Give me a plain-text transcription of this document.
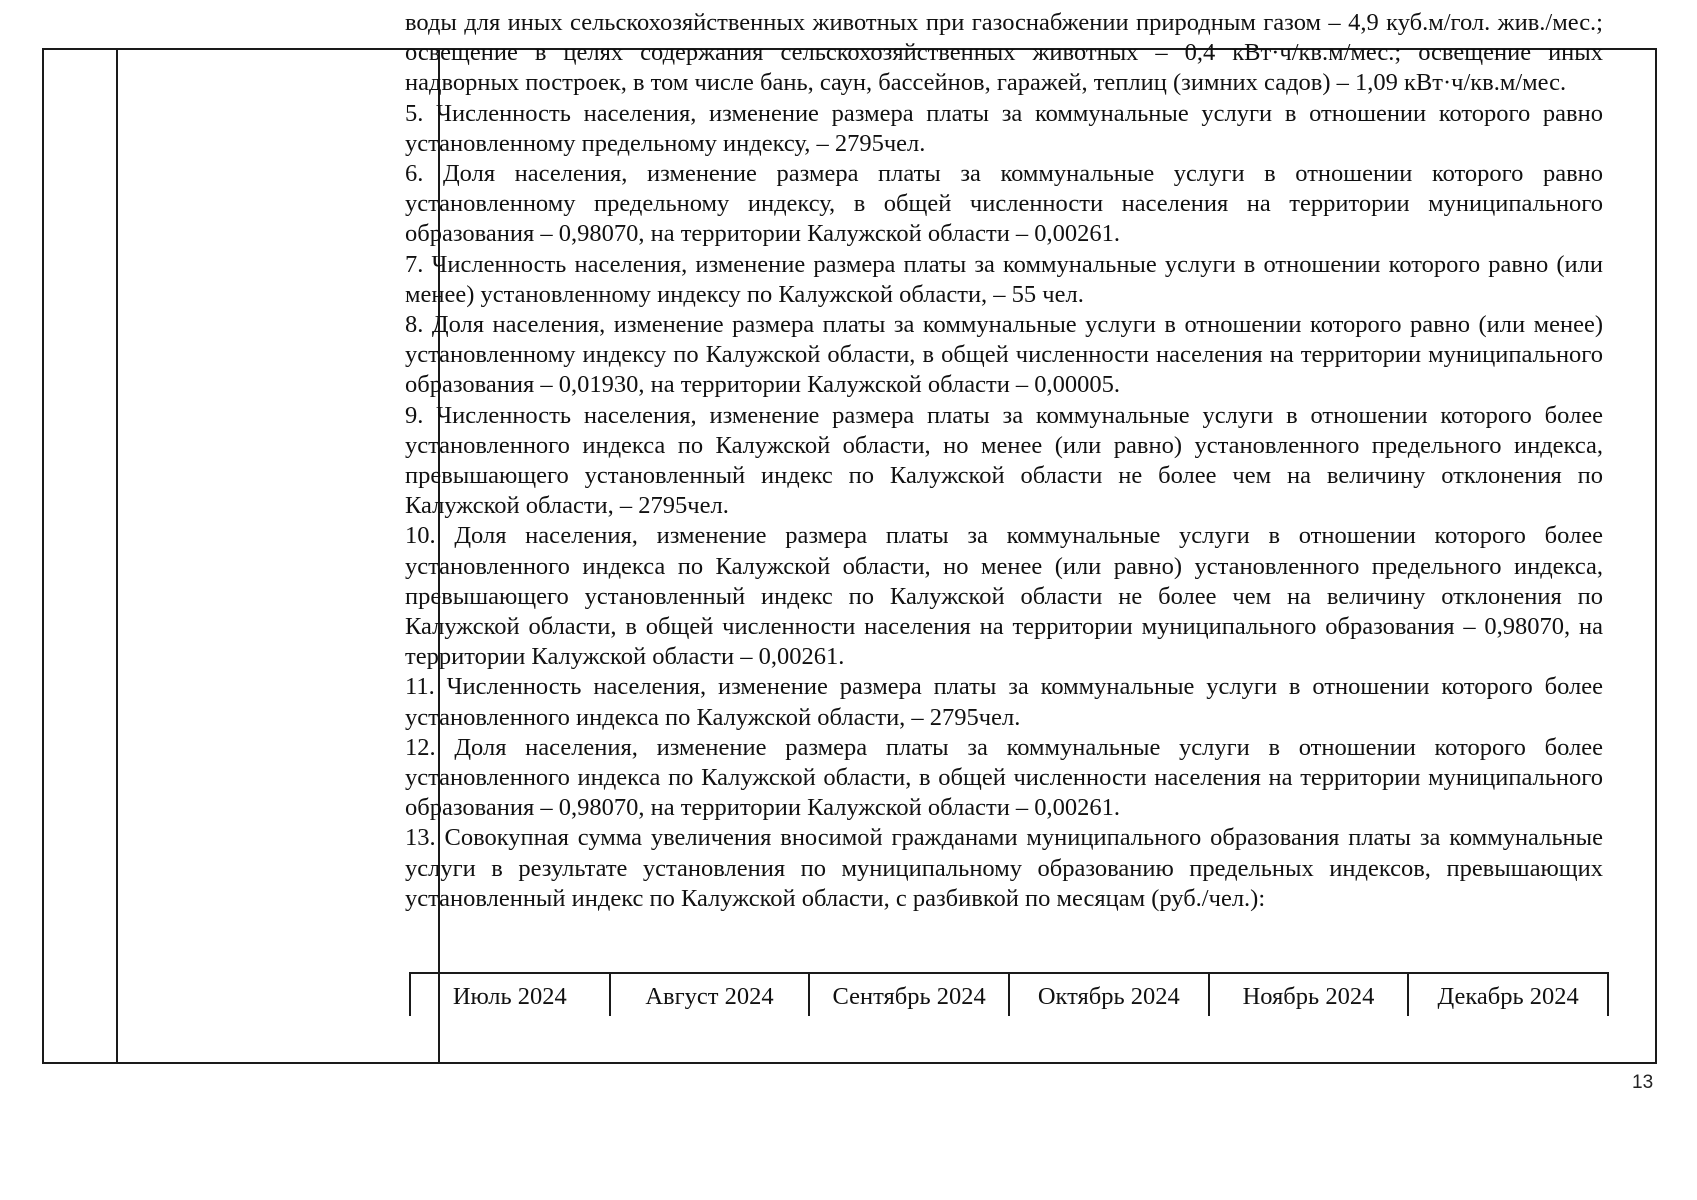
воды для иных сельскохозяйственных животных при газоснабжении природным газом – 4,9 куб.м/гол. жив./мес.; освещение в целях содержания сельскохозяйственных животных – 0,4 кВт·ч/кв.м/мес.; освещение иных надворных построек, в том числе бань, саун, бассейнов, гаражей, теплиц (зимних садов) – 1,09 кВт·ч/кв.м/мес.

5. Численность населения, изменение размера платы за коммунальные услуги в отношении которого равно установленному предельному индексу, – 2795чел.

6. Доля населения, изменение размера платы за коммунальные услуги в отношении которого равно установленному предельному индексу, в общей численности населения на территории муниципального образования – 0,98070, на территории Калужской области – 0,00261.

7. Численность населения, изменение размера платы за коммунальные услуги в отношении которого равно (или менее) установленному индексу по Калужской области, – 55 чел.

8. Доля населения, изменение размера платы за коммунальные услуги в отношении которого равно (или менее) установленному индексу по Калужской области, в общей численности населения на территории муниципального образования – 0,01930, на территории Калужской области – 0,00005.

9. Численность населения, изменение размера платы за коммунальные услуги в отношении которого более установленного индекса по Калужской области, но менее (или равно) установленного предельного индекса, превышающего установленный индекс по Калужской области не более чем на величину отклонения по Калужской области, – 2795чел.

10. Доля населения, изменение размера платы за коммунальные услуги в отношении которого более установленного индекса по Калужской области, но менее (или равно) установленного предельного индекса, превышающего установленный индекс по Калужской области не более чем на величину отклонения по Калужской области, в общей численности населения на территории муниципального образования – 0,98070, на территории Калужской области – 0,00261.

11. Численность населения, изменение размера платы за коммунальные услуги в отношении которого более установленного индекса по Калужской области, – 2795чел.

12. Доля населения, изменение размера платы за коммунальные услуги в отношении которого более установленного индекса по Калужской области, в общей численности населения на территории муниципального образования – 0,98070, на территории Калужской области – 0,00261.

13. Совокупная сумма увеличения вносимой гражданами муниципального образования платы за коммунальные услуги в результате установления по муниципальному образованию предельных индексов, превышающих установленный индекс по Калужской области, с разбивкой по месяцам (руб./чел.):

Июль 2024	Август 2024	Сентябрь 2024	Октябрь 2024	Ноябрь 2024	Декабрь 2024
13
